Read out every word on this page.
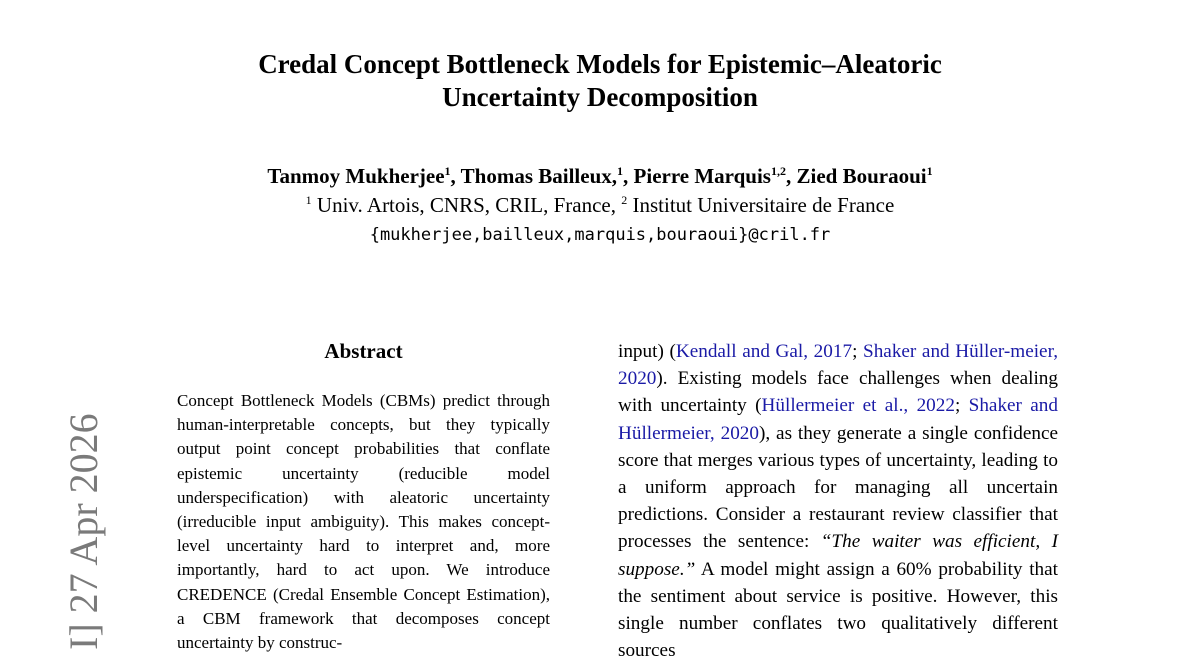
Credal Concept Bottleneck Models for Epistemic–Aleatoric
Uncertainty Decomposition
Tanmoy Mukherjee$^1$, Thomas Bailleux,$^1$, Pierre Marquis$^{1,2}$, Zied Bouraoui$^1$
$^1$ Univ. Artois, CNRS, CRIL, France, $^2$ Institut Universitaire de France
{mukherjee,bailleux,marquis,bouraoui}@cril.fr
I] 27 Apr 2026
Abstract
Concept Bottleneck Models (CBMs) predict through human-interpretable concepts, but they typically output point concept probabilities that conflate epistemic uncertainty (reducible model underspecification) with aleatoric uncertainty (irreducible input ambiguity). This makes concept-level uncertainty hard to interpret and, more importantly, hard to act upon. We introduce CREDENCE (Credal Ensemble Concept Estimation), a CBM framework that decomposes concept uncertainty by construc-
input) (Kendall and Gal, 2017; Shaker and Hüller-meier, 2020). Existing models face challenges when dealing with uncertainty (Hüllermeier et al., 2022; Shaker and Hüllermeier, 2020), as they generate a single confidence score that merges various types of uncertainty, leading to a uniform approach for managing all uncertain predictions. Consider a restaurant review classifier that processes the sentence: “The waiter was efficient, I suppose.” A model might assign a 60% probability that the sentiment about service is positive. However, this single number conflates two qualitatively different sources
